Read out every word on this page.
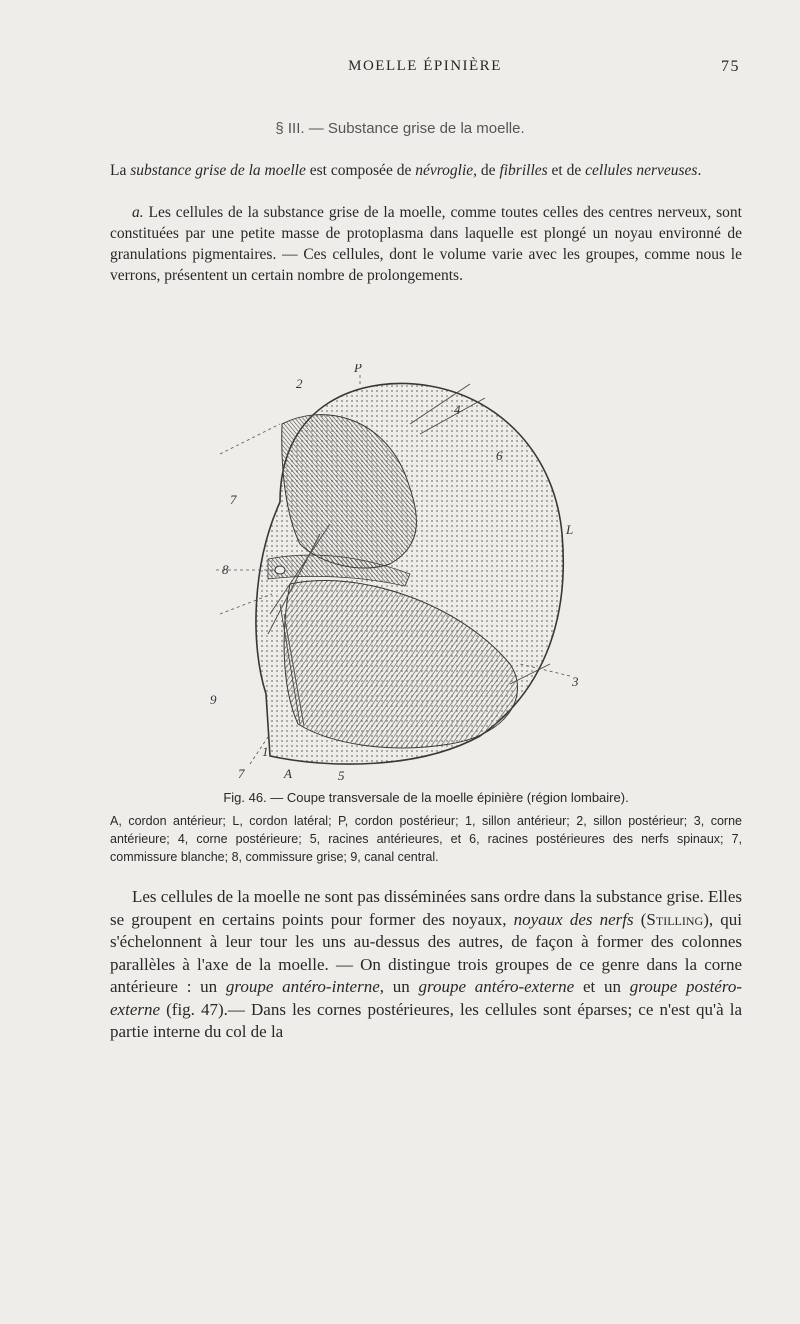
MOELLE ÉPINIÈRE	75
§ III. — Substance grise de la moelle.

La substance grise de la moelle est composée de névroglie, de fibrilles et de cellules nerveuses.

a. Les cellules de la substance grise de la moelle, comme toutes celles des centres nerveux, sont constituées par une petite masse de protoplasma dans laquelle est plongé un noyau environné de granulations pigmentaires. — Ces cellules, dont le volume varie avec les groupes, comme nous le verrons, présentent un certain nombre de prolongements.

P
2
4
6
L
7
8
9
3
1
7	A	5
Fig. 46. — Coupe transversale de la moelle épinière (région lombaire).

A, cordon antérieur; L, cordon latéral; P, cordon postérieur; 1, sillon antérieur; 2, sillon postérieur; 3, corne antérieure; 4, corne postérieure; 5, racines antérieures, et 6, racines postérieures des nerfs spinaux; 7, commissure blanche; 8, commissure grise; 9, canal central.

Les cellules de la moelle ne sont pas disséminées sans ordre dans la substance grise. Elles se groupent en certains points pour former des noyaux, noyaux des nerfs (Stilling), qui s'échelonnent à leur tour les uns au-dessus des autres, de façon à former des colonnes parallèles à l'axe de la moelle. — On distingue trois groupes de ce genre dans la corne antérieure : un groupe antéro-interne, un groupe antéro-externe et un groupe postéro-externe (fig. 47).— Dans les cornes postérieures, les cellules sont éparses; ce n'est qu'à la partie interne du col de la
